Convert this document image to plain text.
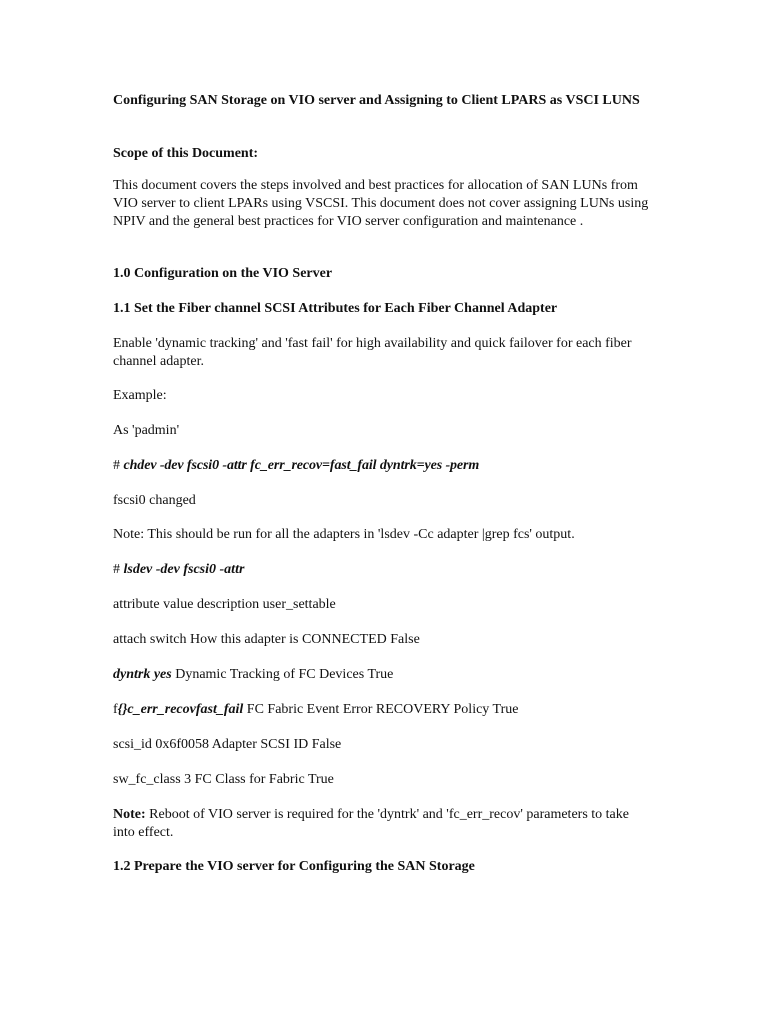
Configuring SAN Storage on VIO server and Assigning to Client LPARS as VSCI LUNS

Scope of this Document:

This document covers the steps involved and best practices for allocation of SAN LUNs from VIO server to client LPARs using VSCSI. This document does not cover assigning LUNs using NPIV and the general best practices for VIO server configuration and maintenance .

1.0 Configuration on the VIO Server

1.1 Set the Fiber channel SCSI Attributes for Each Fiber Channel Adapter

Enable 'dynamic tracking' and 'fast fail' for high availability and quick failover for each fiber channel adapter.

Example:

As 'padmin'

# chdev -dev fscsi0 -attr fc_err_recov=fast_fail dyntrk=yes -perm

fscsi0 changed

Note: This should be run for all the adapters in 'lsdev -Cc adapter |grep fcs' output.

# lsdev -dev fscsi0 -attr

attribute value description user_settable

attach switch How this adapter is CONNECTED False

dyntrk yes Dynamic Tracking of FC Devices True

f{}c_err_recovfast_fail FC Fabric Event Error RECOVERY Policy True

scsi_id 0x6f0058 Adapter SCSI ID False

sw_fc_class 3 FC Class for Fabric True

Note: Reboot of VIO server is required for the 'dyntrk' and 'fc_err_recov' parameters to take into effect.

1.2 Prepare the VIO server for Configuring the SAN Storage
